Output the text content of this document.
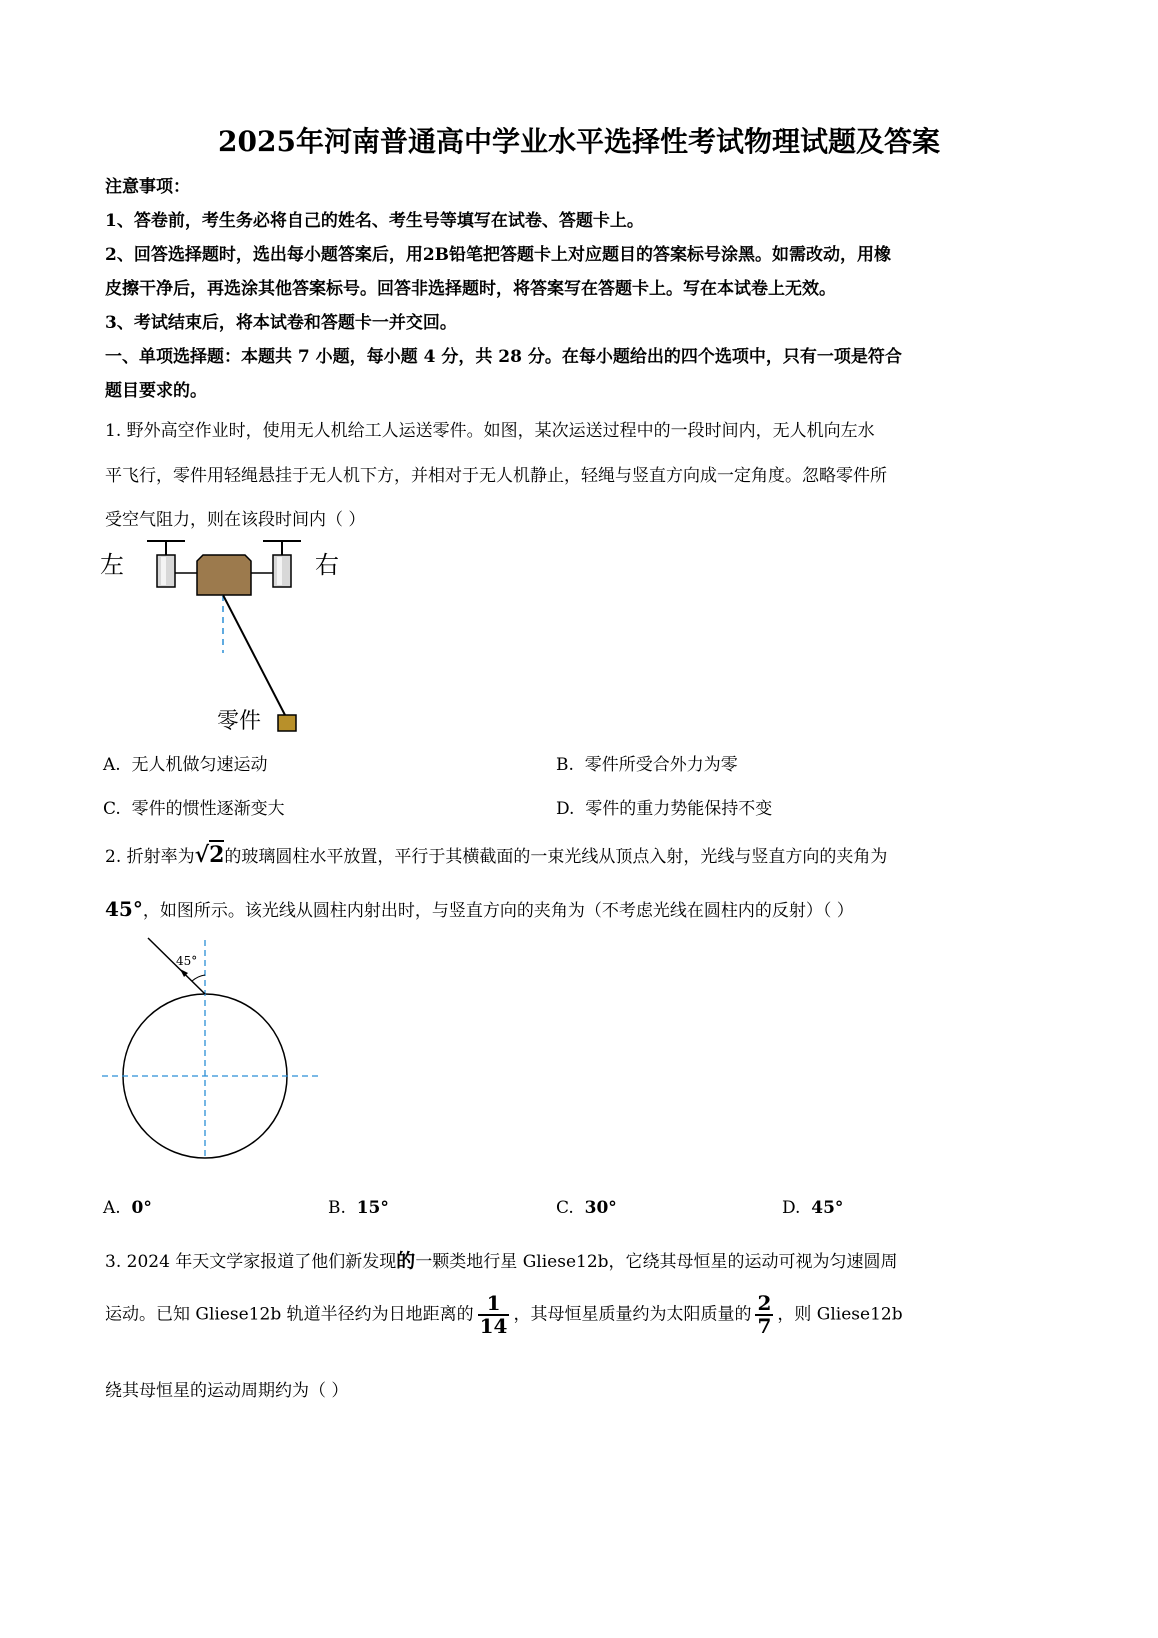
2025年河南普通高中学业水平选择性考试物理试题及答案
注意事项：
1、答卷前，考生务必将自己的姓名、考生号等填写在试卷、答题卡上。
2、回答选择题时，选出每小题答案后，用2B铅笔把答题卡上对应题目的答案标号涂黑。如需改动，用橡
皮擦干净后，再选涂其他答案标号。回答非选择题时，将答案写在答题卡上。写在本试卷上无效。
3、考试结束后，将本试卷和答题卡一并交回。
一、单项选择题：本题共 7 小题，每小题 4 分，共 28 分。在每小题给出的四个选项中，只有一项是符合
题目要求的。
1. 野外高空作业时，使用无人机给工人运送零件。如图，某次运送过程中的一段时间内，无人机向左水
平飞行，零件用轻绳悬挂于无人机下方，并相对于无人机静止，轻绳与竖直方向成一定角度。忽略零件所
受空气阻力，则在该段时间内（ ）
左	右
零件
A. 无人机做匀速运动	B. 零件所受合外力为零
C. 零件的惯性逐渐变大	D. 零件的重力势能保持不变
2. 折射率为√2的玻璃圆柱水平放置，平行于其横截面的一束光线从顶点入射，光线与竖直方向的夹角为
45°，如图所示。该光线从圆柱内射出时，与竖直方向的夹角为（不考虑光线在圆柱内的反射）（ ）
45°
A. 0°	B. 15°	C. 30°	D. 45°
3. 2024 年天文学家报道了他们新发现的一颗类地行星 Gliese12b，它绕其母恒星的运动可视为匀速圆周
运动。已知 Gliese12b 轨道半径约为日地距离的 $\frac{1}{14}$ ，其母恒星质量约为太阳质量的 $\frac{2}{7}$ ，则 Gliese12b
绕其母恒星的运动周期约为（ ）
